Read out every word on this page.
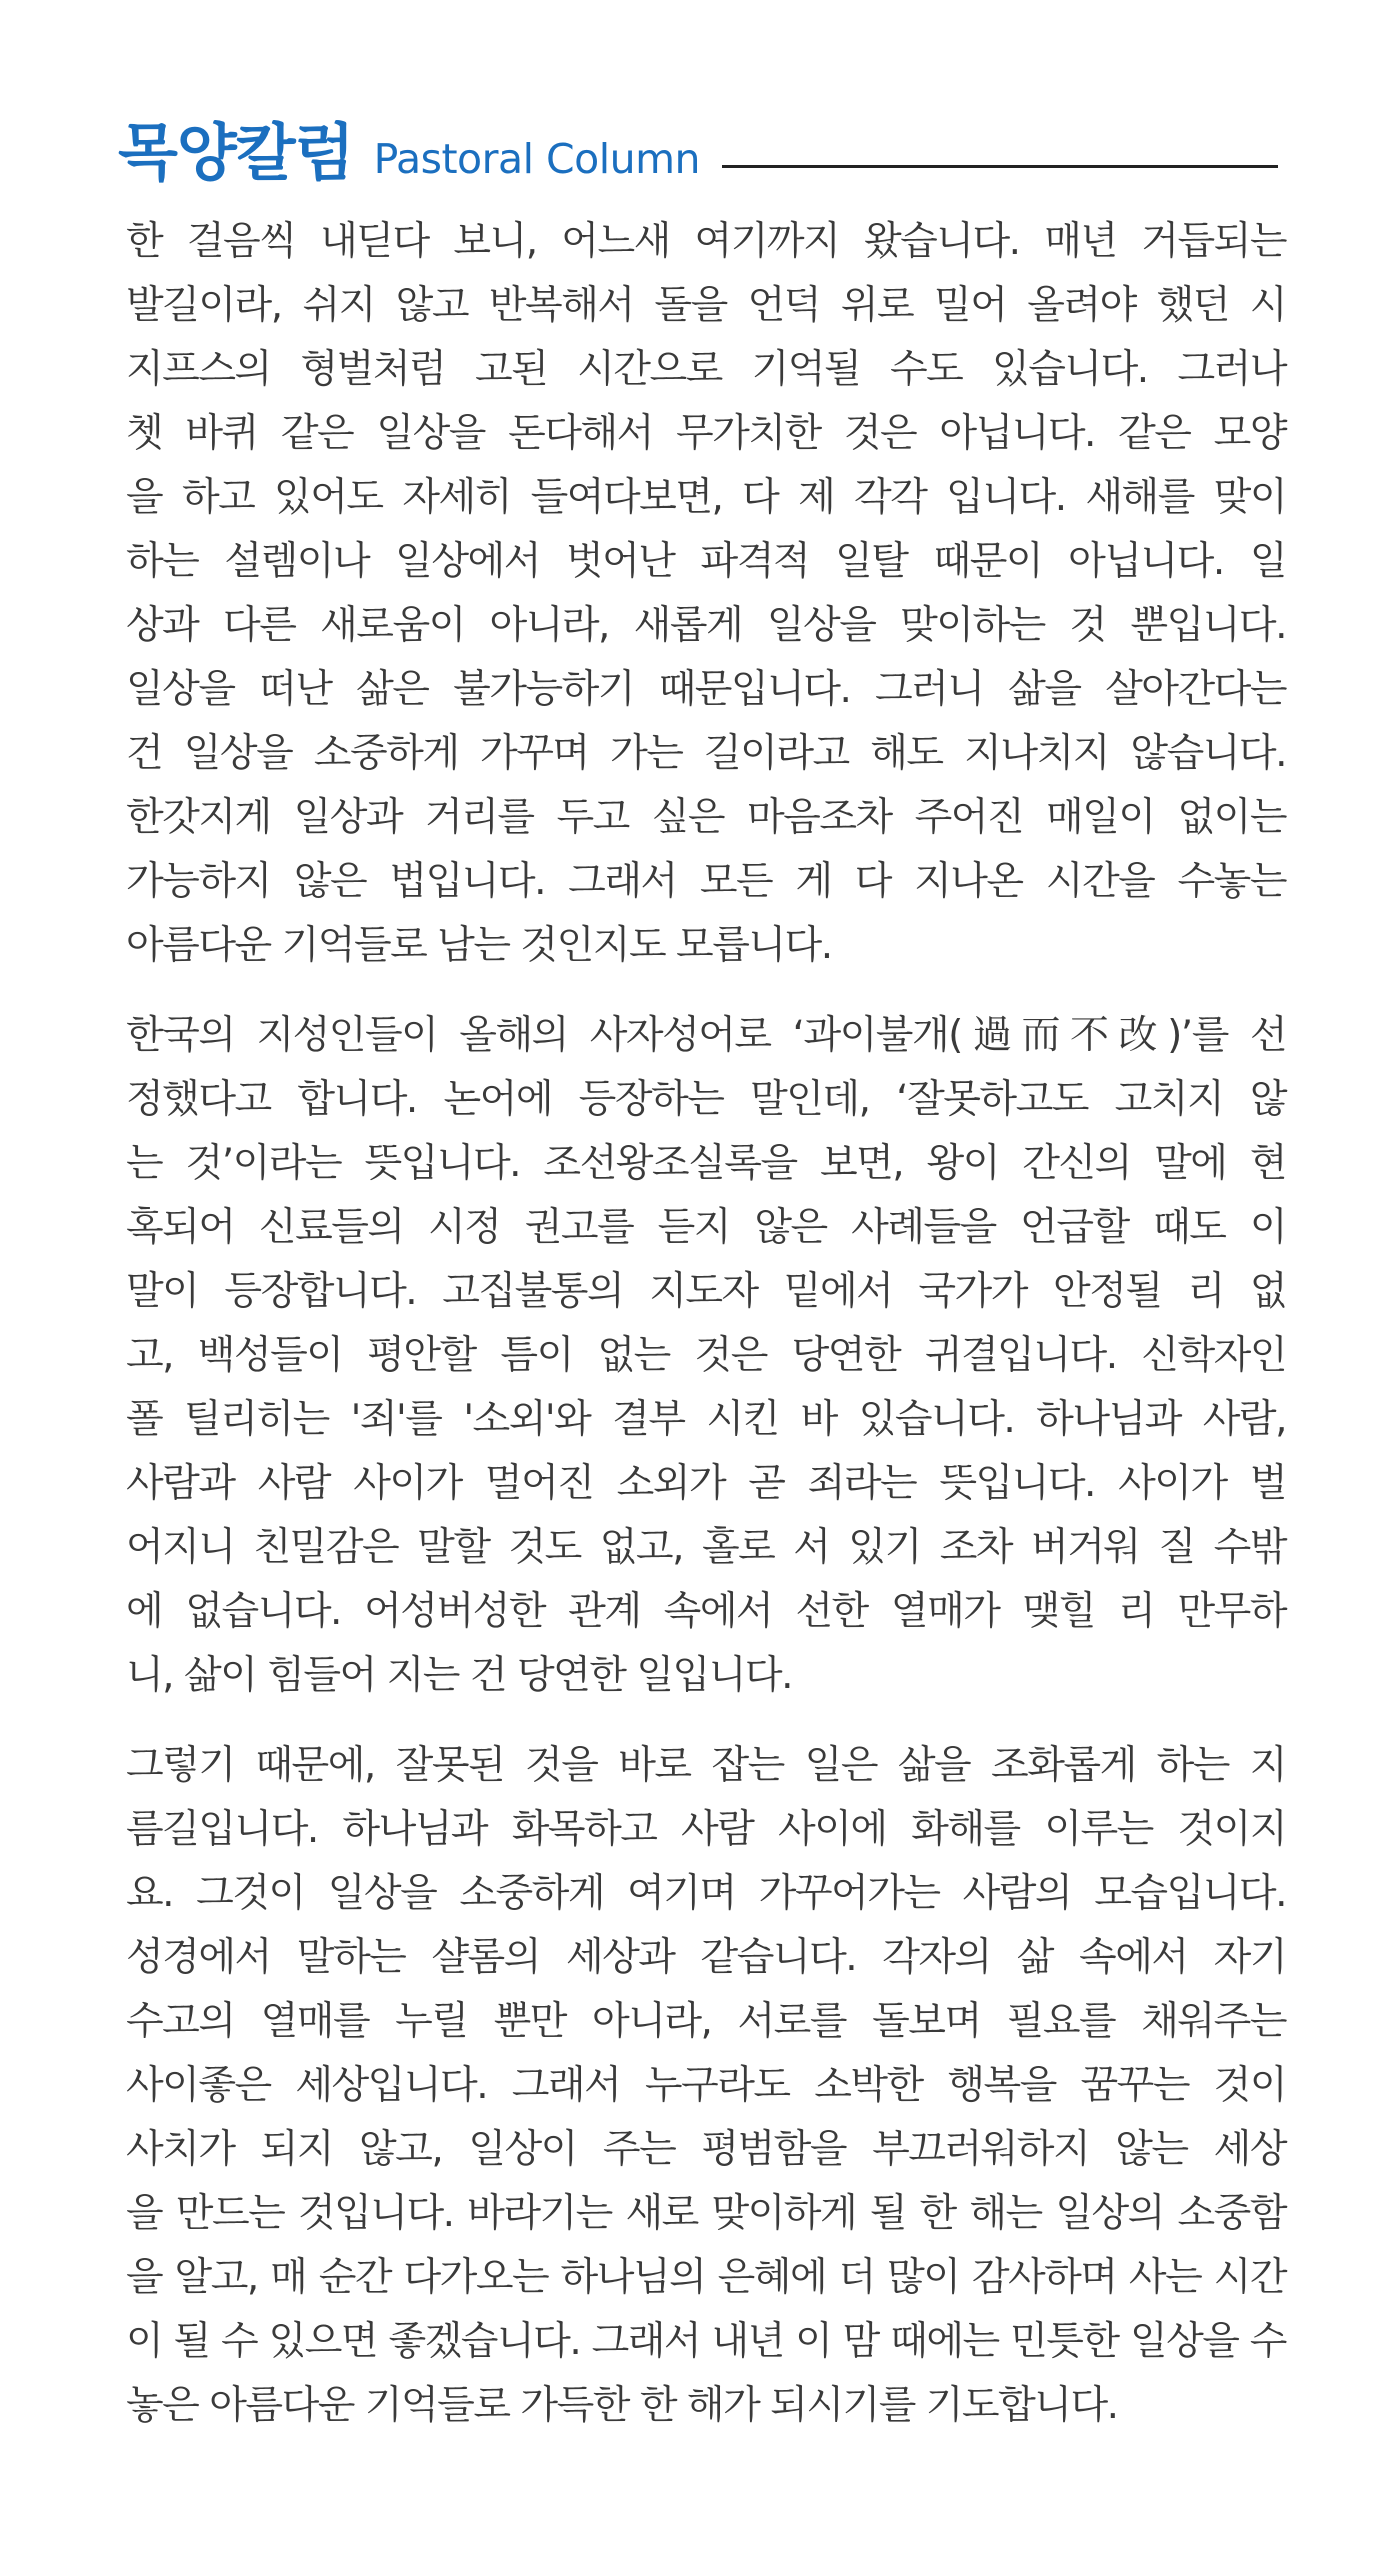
목양칼럼 Pastoral Column
한 걸음씩 내딛다 보니, 어느새 여기까지 왔습니다. 매년 거듭되는
발길이라, 쉬지 않고 반복해서 돌을 언덕 위로 밀어 올려야 했던 시
지프스의 형벌처럼 고된 시간으로 기억될 수도 있습니다. 그러나
쳇 바퀴 같은 일상을 돈다해서 무가치한 것은 아닙니다. 같은 모양
을 하고 있어도 자세히 들여다보면, 다 제 각각 입니다. 새해를 맞이
하는 설렘이나 일상에서 벗어난 파격적 일탈 때문이 아닙니다. 일
상과 다른 새로움이 아니라, 새롭게 일상을 맞이하는 것 뿐입니다.
일상을 떠난 삶은 불가능하기 때문입니다. 그러니 삶을 살아간다는
건 일상을 소중하게 가꾸며 가는 길이라고 해도 지나치지 않습니다.
한갓지게 일상과 거리를 두고 싶은 마음조차 주어진 매일이 없이는
가능하지 않은 법입니다. 그래서 모든 게 다 지나온 시간을 수놓는
아름다운 기억들로 남는 것인지도 모릅니다.
한국의 지성인들이 올해의 사자성어로 ‘과이불개(過而不改)’를 선
정했다고 합니다. 논어에 등장하는 말인데, ‘잘못하고도 고치지 않
는 것’이라는 뜻입니다. 조선왕조실록을 보면, 왕이 간신의 말에 현
혹되어 신료들의 시정 권고를 듣지 않은 사례들을 언급할 때도 이
말이 등장합니다. 고집불통의 지도자 밑에서 국가가 안정될 리 없
고, 백성들이 평안할 틈이 없는 것은 당연한 귀결입니다. 신학자인
폴 틸리히는 '죄'를 '소외'와 결부 시킨 바 있습니다. 하나님과 사람,
사람과 사람 사이가 멀어진 소외가 곧 죄라는 뜻입니다. 사이가 벌
어지니 친밀감은 말할 것도 없고, 홀로 서 있기 조차 버거워 질 수밖
에 없습니다. 어성버성한 관계 속에서 선한 열매가 맺힐 리 만무하
니, 삶이 힘들어 지는 건 당연한 일입니다.
그렇기 때문에, 잘못된 것을 바로 잡는 일은 삶을 조화롭게 하는 지
름길입니다. 하나님과 화목하고 사람 사이에 화해를 이루는 것이지
요. 그것이 일상을 소중하게 여기며 가꾸어가는 사람의 모습입니다.
성경에서 말하는 샬롬의 세상과 같습니다. 각자의 삶 속에서 자기
수고의 열매를 누릴 뿐만 아니라, 서로를 돌보며 필요를 채워주는
사이좋은 세상입니다. 그래서 누구라도 소박한 행복을 꿈꾸는 것이
사치가 되지 않고, 일상이 주는 평범함을 부끄러워하지 않는 세상
을 만드는 것입니다. 바라기는 새로 맞이하게 될 한 해는 일상의 소중함
을 알고, 매 순간 다가오는 하나님의 은혜에 더 많이 감사하며 사는 시간
이 될 수 있으면 좋겠습니다. 그래서 내년 이 맘 때에는 민틋한 일상을 수
놓은 아름다운 기억들로 가득한 한 해가 되시기를 기도합니다.
